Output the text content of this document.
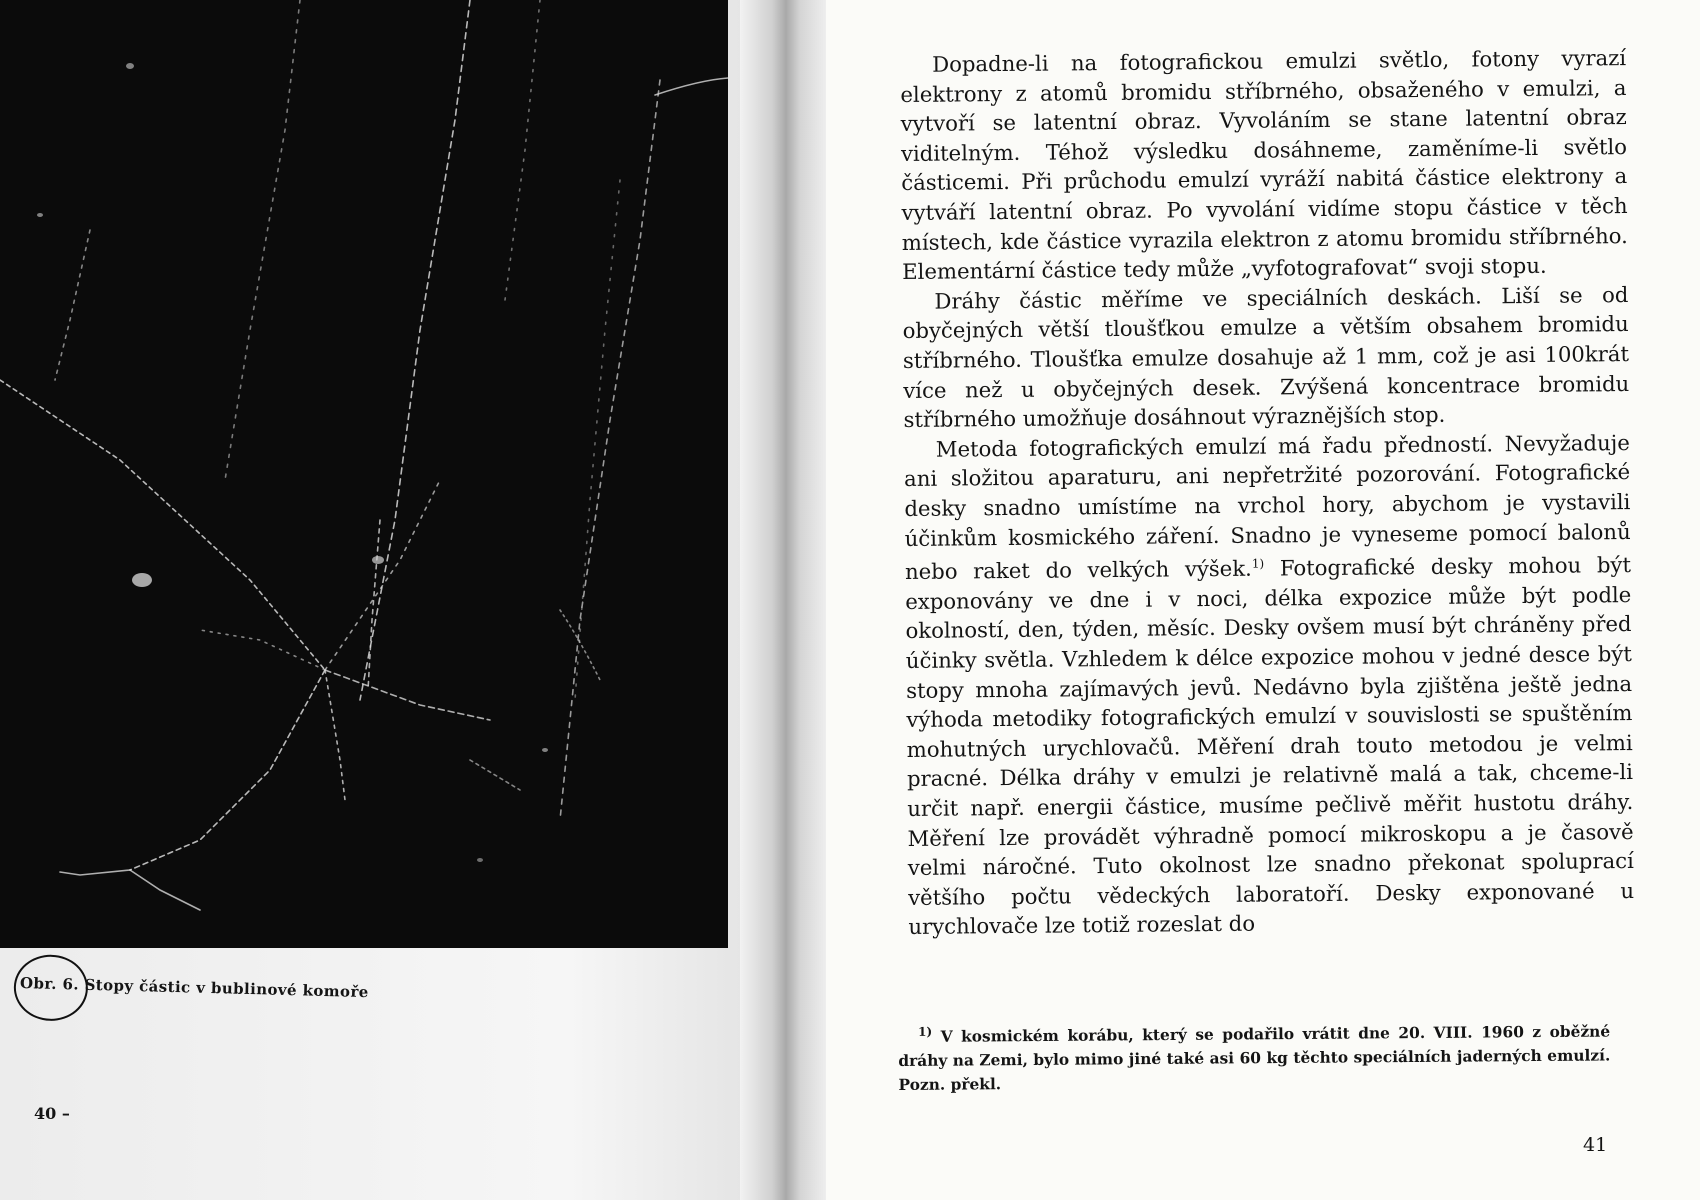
Obr. 6. Stopy částic v bublinové komoře
40 –

Dopadne-li na fotografickou emulzi světlo, fotony vyrazí elektrony z atomů bromidu stříbrného, obsaženého v emulzi, a vytvoří se latentní obraz. Vyvoláním se stane latentní obraz viditelným. Téhož výsledku dosáhneme, zaměníme-li světlo částicemi. Při průchodu emulzí vyráží nabitá částice elektrony a vytváří latentní obraz. Po vyvolání vidíme stopu částice v těch místech, kde částice vyrazila elektron z atomu bromidu stříbrného. Elementární částice tedy může „vyfotografovat“ svoji stopu.

Dráhy částic měříme ve speciálních deskách. Liší se od obyčejných větší tloušťkou emulze a větším obsahem bromidu stříbrného. Tloušťka emulze dosahuje až 1 mm, což je asi 100krát více než u obyčejných desek. Zvýšená koncentrace bromidu stříbrného umožňuje dosáhnout výraznějších stop.

Metoda fotografických emulzí má řadu předností. Nevyžaduje ani složitou aparaturu, ani nepřetržité pozorování. Fotografické desky snadno umístíme na vrchol hory, abychom je vystavili účinkům kosmického záření. Snadno je vyneseme pomocí balonů nebo raket do velkých výšek.$^{1)}$ Fotografické desky mohou být exponovány ve dne i v noci, délka expozice může být podle okolností, den, týden, měsíc. Desky ovšem musí být chráněny před účinky světla. Vzhledem k délce expozice mohou v jedné desce být stopy mnoha zajímavých jevů. Nedávno byla zjištěna ještě jedna výhoda metodiky fotografických emulzí v souvislosti se spuštěním mohutných urychlovačů. Měření drah touto metodou je velmi pracné. Délka dráhy v emulzi je relativně malá a tak, chceme-li určit např. energii částice, musíme pečlivě měřit hustotu dráhy. Měření lze provádět výhradně pomocí mikroskopu a je časově velmi náročné. Tuto okolnost lze snadno překonat spoluprací většího počtu vědeckých laboratoří. Desky exponované u urychlovače lze totiž rozeslat do

$^{1)}$ V kosmickém korábu, který se podařilo vrátit dne 20. VIII. 1960 z oběžné dráhy na Zemi, bylo mimo jiné také asi 60 kg těchto speciálních jaderných emulzí. Pozn. překl.
41
